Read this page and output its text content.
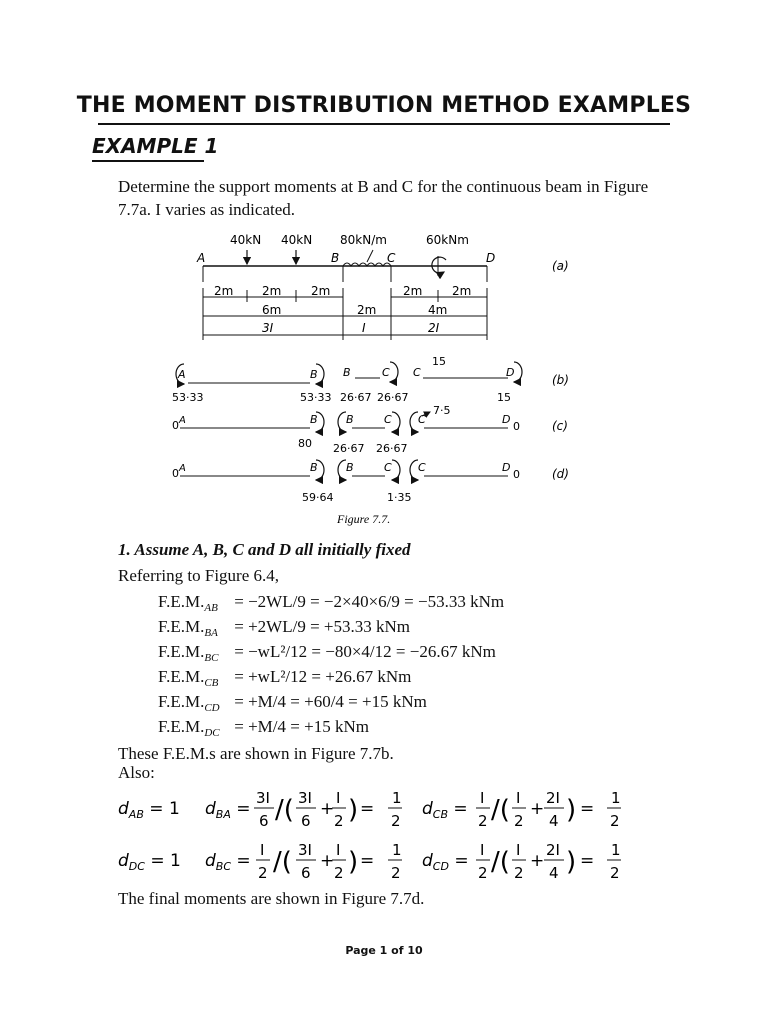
THE MOMENT DISTRIBUTION METHOD EXAMPLES
EXAMPLE 1
Determine the support moments at B and C for the continuous beam in Figure 7.7a. I varies as indicated.
40kN 40kN 80kN/m	60kNm
A	B	C	D
(a)
2m 2m 2m	2m 2m
6m	2m	4m
3I	I	2I
A	B B	C C
15
D
(b)
53·33	53·33 26·67 26·67	15
0 A	B	B	C C
7·5
D
0	(c)
80 26·67 26·67
0 A	B	B	C C	D
0	(d)
59·64	1·35
Figure 7.7.
1. Assume A, B, C and D all initially fixed
Referring to Figure 6.4,
$F.E.M._{AB} = -2WL/9 = -2\times 40\times 6/9 = -53.33$ kNm
$F.E.M._{BA} = +2WL/9 = +53.33$ kNm
$F.E.M._{BC} = -wL^2/12 = -80\times 4/12 = -26.67$ kNm
$F.E.M._{CB} = +wL^2/12 = +26.67$ kNm
$F.E.M._{CD} = +M/4 = +60/4 = +15$ kNm
$F.E.M._{DC} = +M/4 = +15$ kNm
These F.E.M.s are shown in Figure 7.7b.
Also:
$d_{AB} = 1$ $d_{BA}$ =
3I
6 /( 3I
6
+
I
2 ) =
1
2
$d_{CB}$ =
I
2 /( I
2
+
2I
4 ) =
1
2
$d_{DC} = 1$ $d_{BC}$ =
I
2 /( 3I
6
+
I
2 ) =
1
2
$d_{CD}$ =
I
2 /( I
2
+
2I
4 ) =
1
2
The final moments are shown in Figure 7.7d.
Page 1 of 10
